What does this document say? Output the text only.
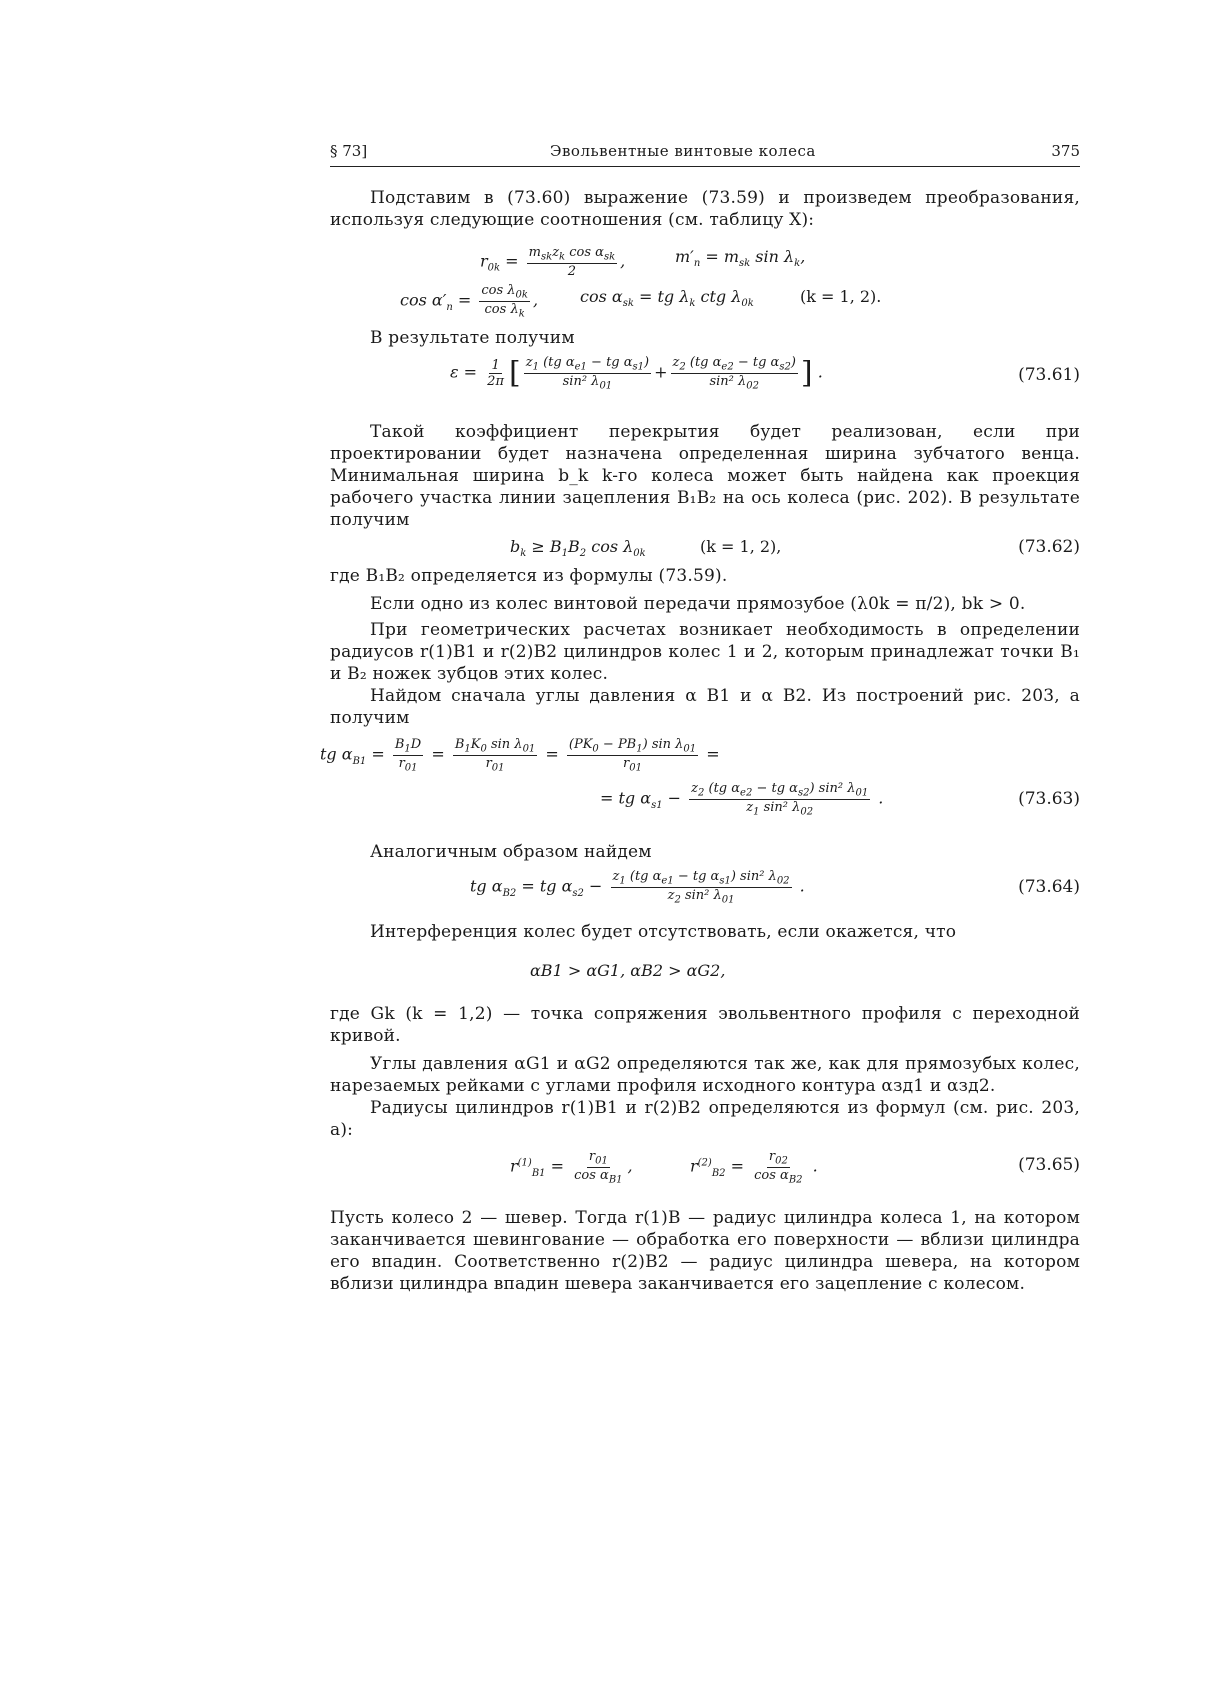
§ 73]	Эвольвентные винтовые колеса	375

Подставим в (73.60) выражение (73.59) и произведем преобразования, используя следующие соотношения (см. таблицу X):

$r_{0k} = \frac{m_{sk}z_k \cos \alpha_{sk}}{2}$ ,	$m'_n = m_{sk}$ $\sin \lambda_k$,
$\cos \alpha'_n = \frac{\cos \lambda_{0k}}{\cos \lambda_k}$ ,	$\cos \alpha_{sk}$ = tg $\lambda_k$ ctg $\lambda_{0k}$	(k = 1, 2).

В результате получим

$\varepsilon = \frac{1}{2\pi}$ [ $\frac{z_1 (tg \alpha_{e1} - tg \alpha_{s1})}{\sin^2 \lambda_{01}} + \frac{z_2 (tg \alpha_{e2} - tg \alpha_{s2})}{\sin^2 \lambda_{02}}$ ] .	(73.61)

Такой коэффициент перекрытия будет реализован, если при проектировании будет назначена определенная ширина зубчатого венца. Минимальная ширина b_k k-го колеса может быть найдена как проекция рабочего участка линии зацепления B₁B₂ на ось колеса (рис. 202). В результате получим

$b_k \ge B_1B_2$ $\cos \lambda_{0k}$	(k = 1, 2),	(73.62)

где B₁B₂ определяется из формулы (73.59).

Если одно из колес винтовой передачи прямозубое (λ0k = π/2), bk > 0.

При геометрических расчетах возникает необходимость в определении радиусов r(1)B1 и r(2)B2 цилиндров колес 1 и 2, которым принадлежат точки B₁ и B₂ ножек зубцов этих колес.

Найдом сначала углы давления α B1 и α B2. Из построений рис. 203, a получим

tg $\alpha_{B1} = \frac{B_1D}{r_{01}} = \frac{B_1K_0 \sin \lambda_{01}}{r_{01}} = \frac{(PK_0 - PB_1) \sin \lambda_{01}}{r_{01}}$ =
= tg $\alpha_{s1} - \frac{z_2 (tg \alpha_{e2} - tg \alpha_{s2}) \sin^2 \lambda_{01}}{z_1 \sin^2 \lambda_{02}}$ .	(73.63)

Аналогичным образом найдем

tg $\alpha_{B2}$ = tg $\alpha_{s2} - \frac{z_1 (tg \alpha_{e1} - tg \alpha_{s1}) \sin^2 \lambda_{02}}{z_2 \sin^2 \lambda_{01}}$ .	(73.64)

Интерференция колес будет отсутствовать, если окажется, что

αB1 > αG1, αB2 > αG2,

где Gk (k = 1,2) — точка сопряжения эвольвентного профиля с переходной кривой.

Углы давления αG1 и αG2 определяются так же, как для прямозубых колес, нарезаемых рейками с углами профиля исходного контура αзд1 и αзд2.

Радиусы цилиндров r(1)B1 и r(2)B2 определяются из формул (см. рис. 203, a):

$r^{(1)}_{B1} = \frac{r_{01}}{\cos \alpha_{B1}}$ ,	$r^{(2)}_{B2} = \frac{r_{02}}{\cos \alpha_{B2}}$ .	(73.65)

Пусть колесо 2 — шевер. Тогда r(1)B — радиус цилиндра колеса 1, на котором заканчивается шевингование — обработка его поверхности — вблизи цилиндра его впадин. Соответственно r(2)B2 — радиус цилиндра шевера, на котором вблизи цилиндра впадин шевера заканчивается его зацепление с колесом.
